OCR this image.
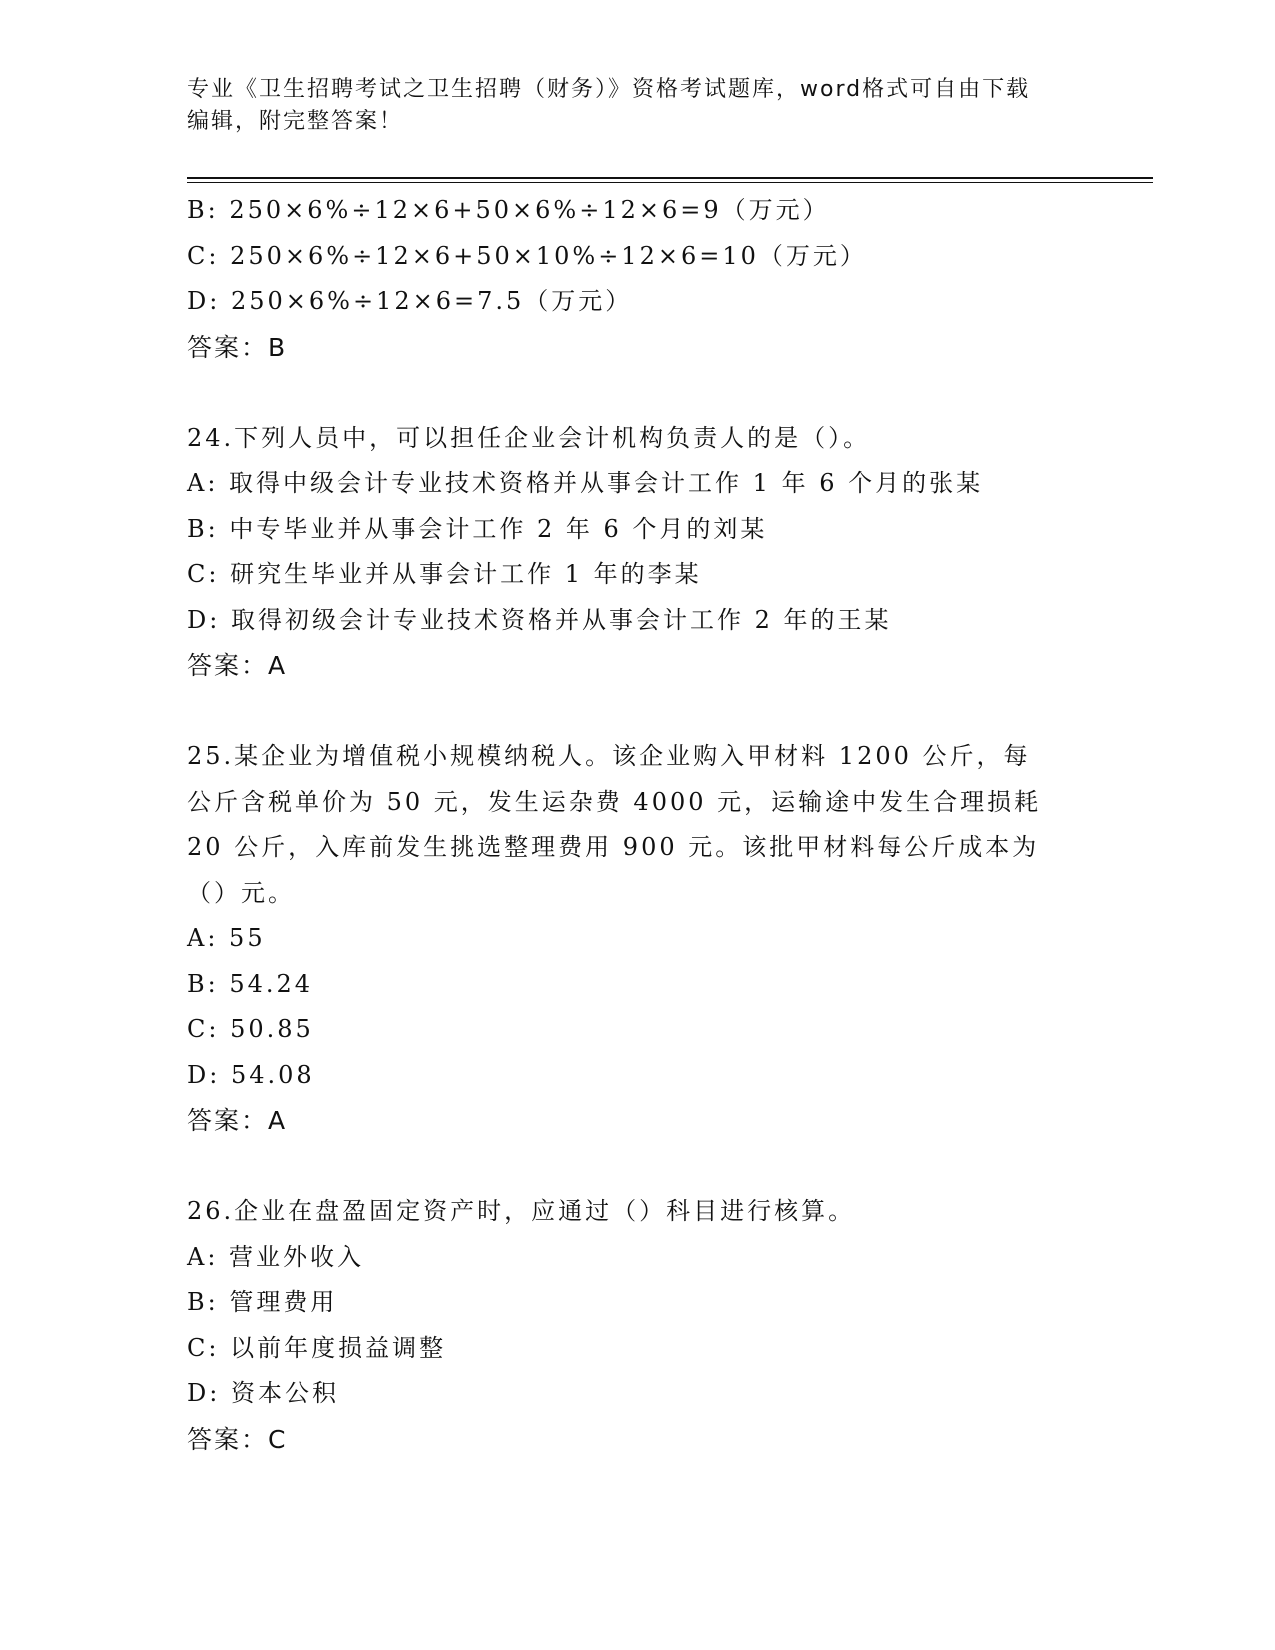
专业《卫生招聘考试之卫生招聘（财务）》资格考试题库，word格式可自由下载
编辑，附完整答案！
B: 250×6%÷12×6+50×6%÷12×6=9（万元）
C: 250×6%÷12×6+50×10%÷12×6=10（万元）
D: 250×6%÷12×6=7.5（万元）
答案：B
24.下列人员中，可以担任企业会计机构负责人的是（）。
A: 取得中级会计专业技术资格并从事会计工作 1 年 6 个月的张某
B: 中专毕业并从事会计工作 2 年 6 个月的刘某
C: 研究生毕业并从事会计工作 1 年的李某
D: 取得初级会计专业技术资格并从事会计工作 2 年的王某
答案：A
25.某企业为增值税小规模纳税人。该企业购入甲材料 1200 公斤，每
公斤含税单价为 50 元，发生运杂费 4000 元，运输途中发生合理损耗
20 公斤，入库前发生挑选整理费用 900 元。该批甲材料每公斤成本为
（）元。
A: 55
B: 54.24
C: 50.85
D: 54.08
答案：A
26.企业在盘盈固定资产时，应通过（）科目进行核算。
A: 营业外收入
B: 管理费用
C: 以前年度损益调整
D: 资本公积
答案：C
